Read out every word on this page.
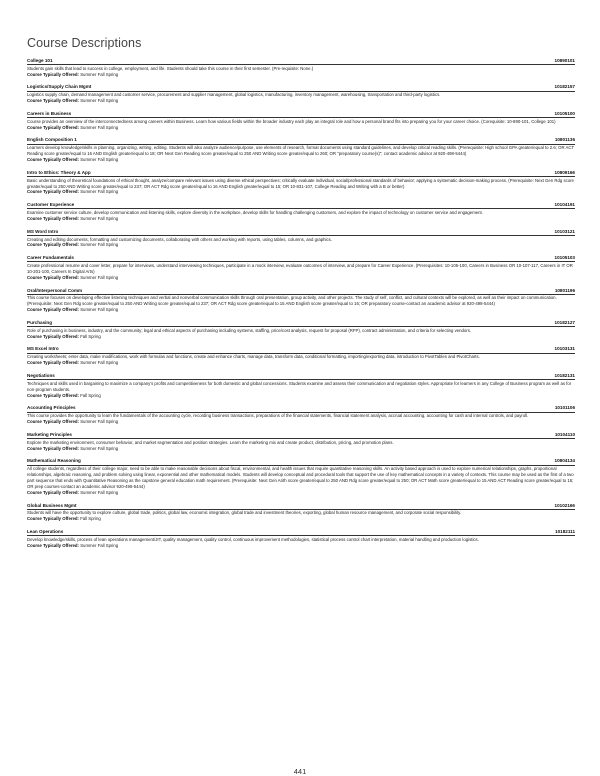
Course Descriptions
College 101	10890101
Students gain skills that lead to success in college, employment, and life. Students should take this course in their first semester. (Pre-requisite: None.)
Course Typically Offered: Summer Fall Spring
Logistics/Supply Chain Mgmt	10182157
Logistics supply chain, demand management and customer service, procurement and supplier management, global logistics, manufacturing, inventory management, warehousing, transportation and third-party logistics.
Course Typically Offered: Summer Fall Spring
Careers in Business	10105100
Course provides an overview of the interconnectedness among careers within Business. Learn how various fields within the broader industry each play an integral role and how a personal brand fits into preparing you for your career choice. (Corequisite: 10-890-101, College 101)
Course Typically Offered: Summer Fall Spring
English Composition 1	10801136
Learners develop knowledge/skills in planning, organizing, writing, editing. Students will also analyze audience/purpose, use elements of research, format documents using standard guidelines, and develop critical reading skills. (Prerequisite: High school GPA greater/equal to 2.6; OR ACT Reading score greater/equal to 16 AND English greater/equal to 18; OR Next Gen Reading score greater/equal to 250 AND Writing score greater/equal to 260; OR "preparatory course(s)"; contact academic advisor at 920-498-5444)
Course Typically Offered: Summer Fall Spring
Intro to Ethics: Theory & App	10809166
Basic understanding of theoretical foundations of ethical thought, analyze/compare relevant issues using diverse ethical perspectives; critically evaluate individual, social/professional standards of behavior; applying a systematic decision-making process. (Prerequisite: Next Gen Rdg score greater/equal to 250 AND Writing score greater/equal to 237; OR ACT Rdg score greater/equal to 16 AND English greater/equal to 15; OR 10-831-107, College Reading and Writing with a B or better)
Course Typically Offered: Summer Fall Spring
Customer Experience	10104191
Examine customer service culture, develop communication and listening skills, explore diversity in the workplace, develop skills for handling challenging customers, and explore the impact of technology on customer service and engagement.
Course Typically Offered: Summer Fall Spring
MS Word Intro	10103121
Creating and editing documents, formatting and customizing documents, collaborating with others and working with reports, using tables, columns, and graphics.
Course Typically Offered: Summer Fall Spring
Career Fundamentals	10105103
Create professional resume and cover letter, prepare for interviews, understand interviewing techniques, participate in a mock interview, evaluate outcomes of interview, and prepare for Career Experience. (Prerequisites: 10-105-100, Careers in Business OR 10-107-117, Careers in IT OR 10-201-100, Careers In Digital Arts)
Course Typically Offered: Summer Fall Spring
Oral/Interpersonal Comm	10801196
This course focuses on developing effective listening techniques and verbal and nonverbal communication skills through oral presentation, group activity, and other projects. The study of self, conflict, and cultural contexts will be explored, as well as their impact on communication. (Prerequisite: Next Gen Rdg score greater/equal to 250 AND Writing score greater/equal to 237; OR ACT Rdg score greater/equal to 15 AND English score greater/equal to 16; OR preparatory course-contact an academic advisor at 920-498-5444)
Course Typically Offered: Summer Fall Spring
Purchasing	10182127
Role of purchasing in business, industry, and the community; legal and ethical aspects of purchasing including systems, staffing, price/cost analysis, request for proposal (RFP), contract administration, and criteria for selecting vendors.
Course Typically Offered: Fall Spring
MS Excel Intro	10103131
Creating worksheets; enter data, make modifications, work with formulas and functions, create and enhance charts, manage data, transform data, conditional formatting, importing/exporting data, introduction to PivotTables and PivotCharts.
Course Typically Offered: Summer Fall Spring
Negotiations	10182131
Techniques and skills used in bargaining to maximize a company's profits and competitiveness for both domestic and global concessions. Students examine and assess their communication and negotiation styles. Appropriate for learners in any College of Business program as well as for non-program students.
Course Typically Offered: Fall Spring
Accounting Principles	10101106
This course provides the opportunity to learn the fundamentals of the accounting cycle, recording business transactions, preparations of the financial statements, financial statement analysis, accrual accounting, accounting for cash and internal controls, and payroll.
Course Typically Offered: Summer Fall Spring
Marketing Principles	10104110
Explore the marketing environment, consumer behavior, and market segmentation and position strategies. Learn the marketing mix and create product, distribution, pricing, and promotion plans.
Course Typically Offered: Summer Fall Spring
Mathematical Reasoning	10804134
All college students, regardless of their college major, need to be able to make reasonable decisions about fiscal, environmental, and health issues that require quantitative reasoning skills. An activity based approach is used to explore numerical relationships, graphs, proportional relationships, algebraic reasoning, and problem solving using linear, exponential and other mathematical models. Students will develop conceptual and procedural tools that support the use of key mathematical concepts in a variety of contexts. This course may be used as the first of a two part sequence that ends with Quantitative Reasoning as the capstone general education math requirement. (Prerequisite: Next Gen Arith score greater/equal to 250 AND Rdg score greater/equal to 250; OR ACT Math score greater/equal to 15 AND ACT Reading score greater/equal to 16; OR prep courses-contact an academic advisor 920-498-5444)
Course Typically Offered: Summer Fall Spring
Global Business Mgmt	10102166
Students will have the opportunity to explore culture, global trade, politics, global law, economic integration, global trade and investment theories, exporting, global human resource management, and corporate social responsibility.
Course Typically Offered: Fall Spring
Lean Operations	10182111
Develop knowledge/skills, process of lean operations management/JIT, quality management, quality control, continuous improvement methodologies, statistical process control chart interpretation, material handling and production logistics.
Course Typically Offered: Summer Fall Spring
441
